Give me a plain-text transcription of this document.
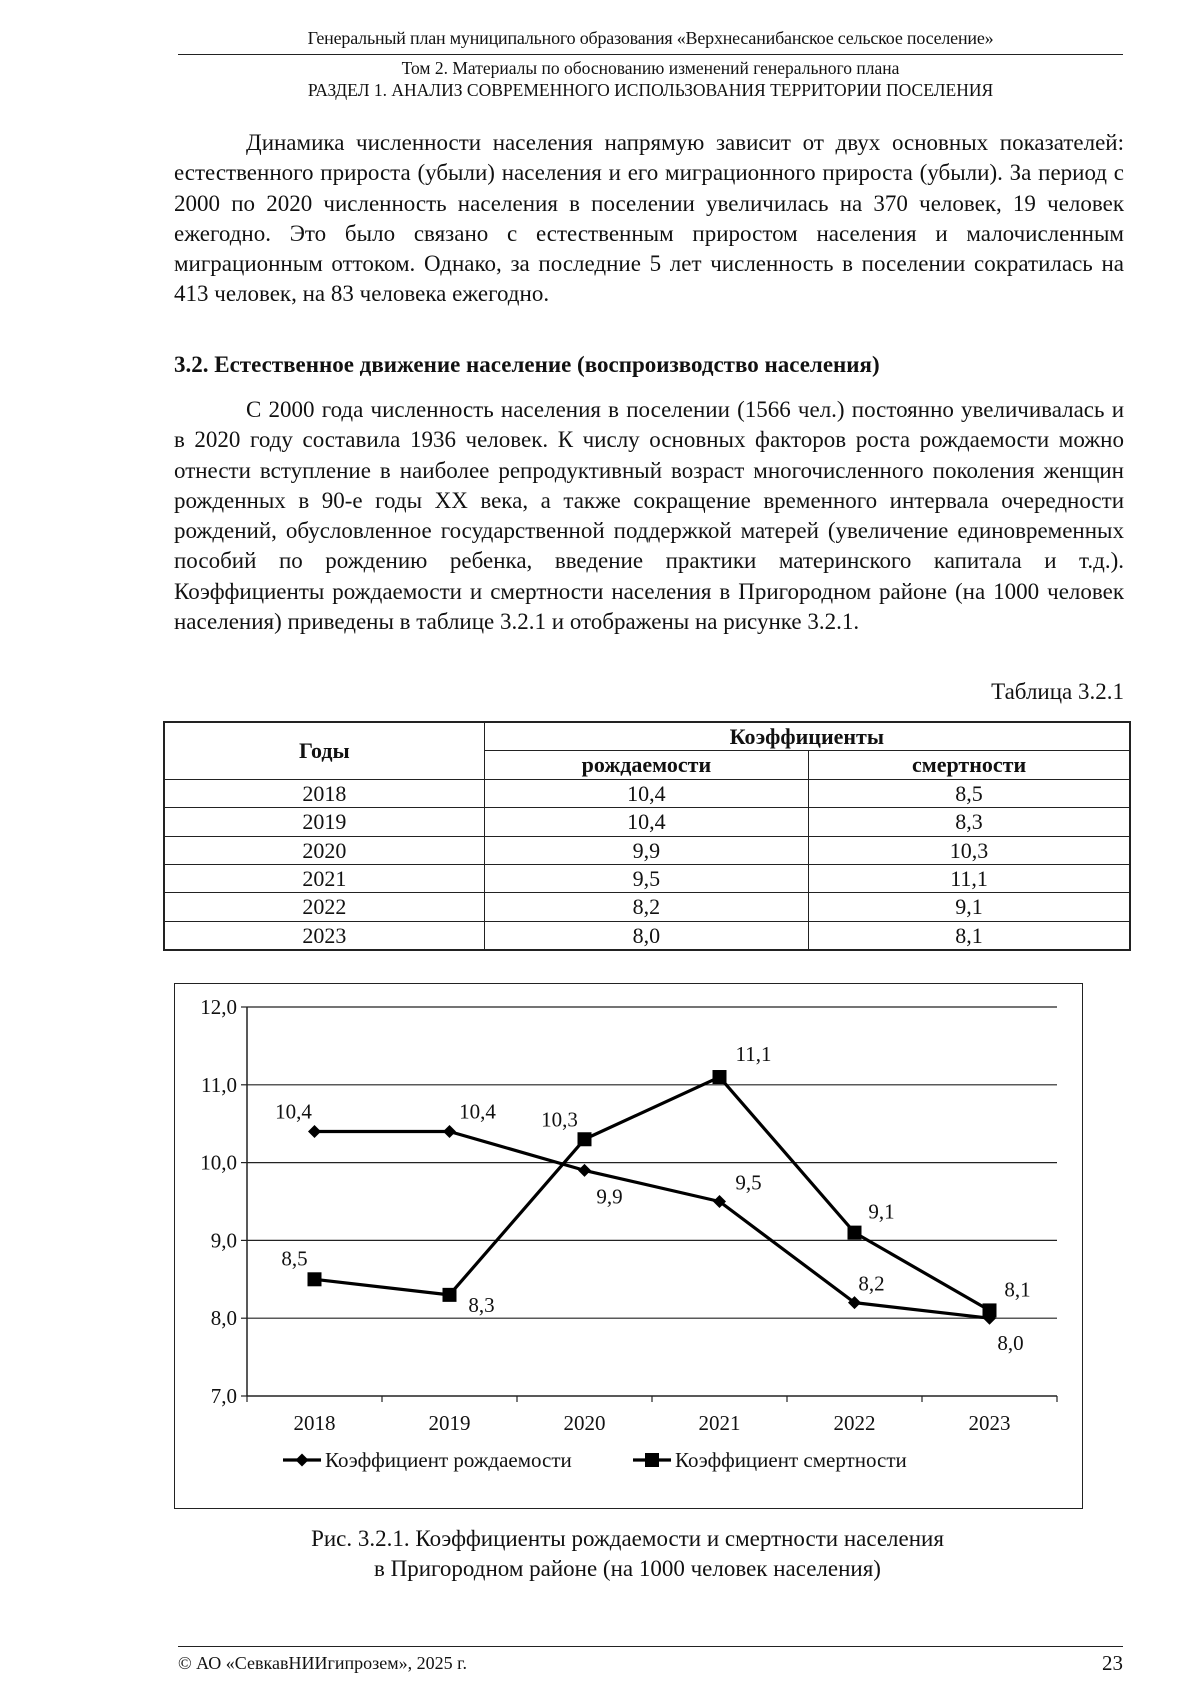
Генеральный план муниципального образования «Верхнесанибанское сельское поселение»
Том 2. Материалы по обоснованию изменений генерального плана
РАЗДЕЛ 1. АНАЛИЗ СОВРЕМЕННОГО ИСПОЛЬЗОВАНИЯ ТЕРРИТОРИИ ПОСЕЛЕНИЯ

Динамика численности населения напрямую зависит от двух основных показателей: естественного прироста (убыли) населения и его миграционного прироста (убыли). За период с 2000 по 2020 численность населения в поселении увеличилась на 370 человек, 19 человек ежегодно. Это было связано с естественным приростом населения и малочисленным миграционным оттоком. Однако, за последние 5 лет численность в поселении сократилась на 413 человек, на 83 человека ежегодно.

3.2. Естественное движение население (воспроизводство населения)

С 2000 года численность населения в поселении (1566 чел.) постоянно увеличивалась и в 2020 году составила 1936 человек. К числу основных факторов роста рождаемости можно отнести вступление в наиболее репродуктивный возраст многочисленного поколения женщин рожденных в 90-е годы XX века, а также сокращение временного интервала очередности рождений, обусловленное государственной поддержкой матерей (увеличение единовременных пособий по рождению ребенка, введение практики материнского капитала и т.д.). Коэффициенты рождаемости и смертности населения в Пригородном районе (на 1000 человек населения) приведены в таблице 3.2.1 и отображены на рисунке 3.2.1.

Таблица 3.2.1
Годы	Коэффициенты	
	рождаемости	смертности
2018	10,4	8,5
2019	10,4	8,3
2020	9,9	10,3
2021	9,5	11,1
2022	8,2	9,1
2023	8,0	8,1
7,0
8,0
9,0
10,0
11,0
12,0
2018	2019	2020	2021	2022	2023
10,4	10,4
9,9
9,5
8,2
8,0
8,5
8,3
10,3
11,1
9,1
8,1
Коэффициент рождаемости	Коэффициент смертности
Рис. 3.2.1. Коэффициенты рождаемости и смертности населения
в Пригородном районе (на 1000 человек населения)
© АО «СевкавНИИгипрозем», 2025 г.	23
